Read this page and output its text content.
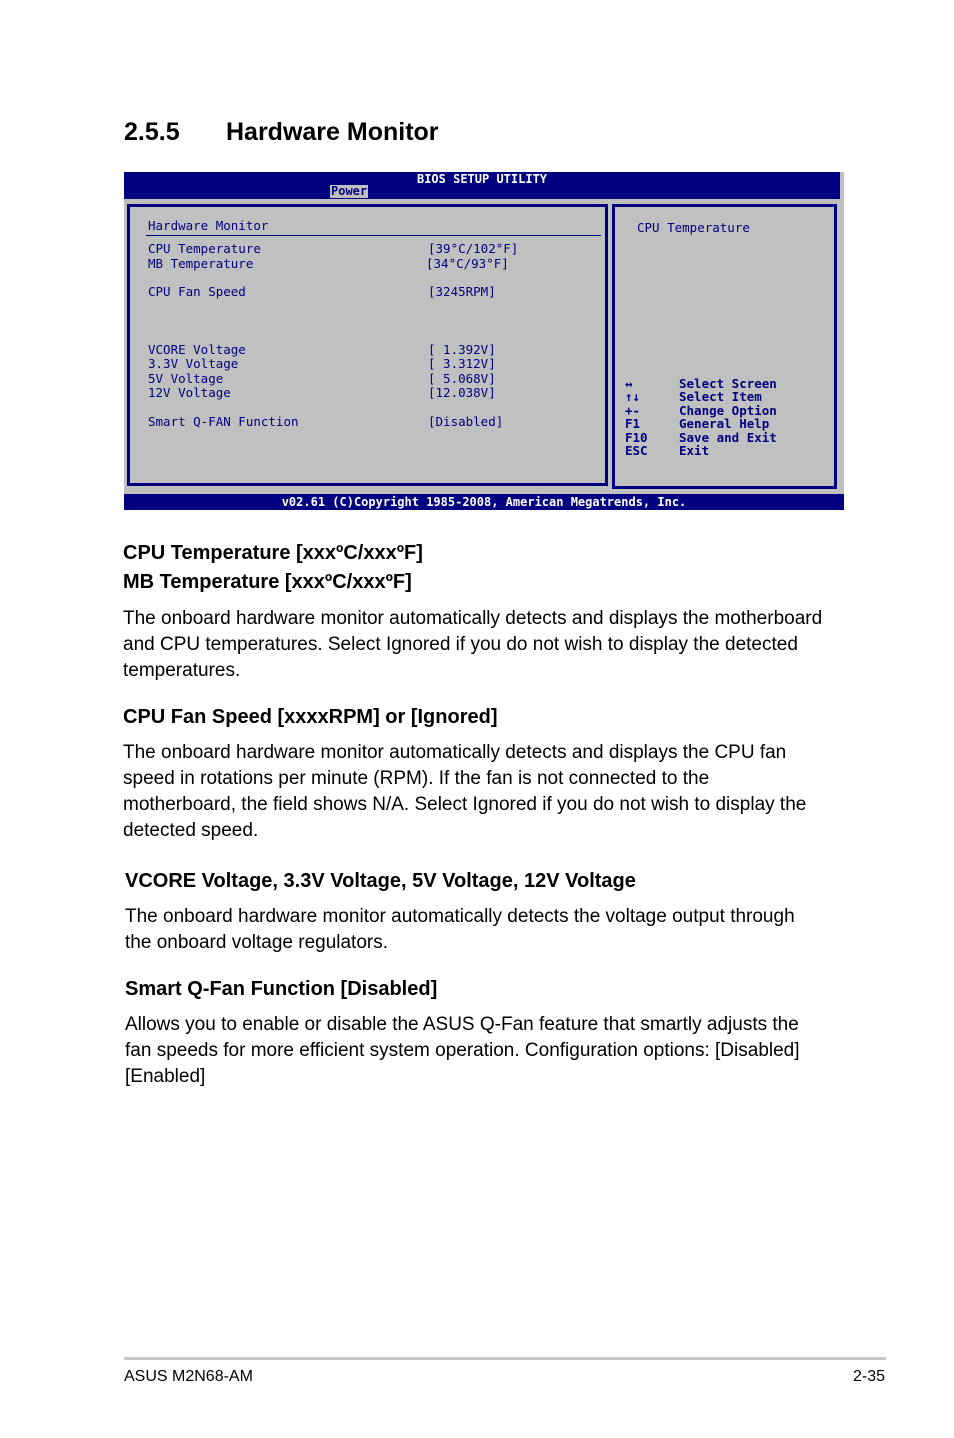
2.5.5 Hardware Monitor
BIOS SETUP UTILITY
Power
Hardware Monitor
CPU Temperature	[39°C/102°F]
MB Temperature	[34°C/93°F]
CPU Fan Speed	[3245RPM]
VCORE Voltage	[ 1.392V]
3.3V Voltage	[ 3.312V]
5V Voltage	[ 5.068V]
12V Voltage	[12.038V]
Smart Q-FAN Function	[Disabled]
CPU Temperature
↔	Select Screen
↑↓	Select Item
+-	Change Option
F1	General Help
F10	Save and Exit
ESC	Exit
v02.61 (C)Copyright 1985-2008, American Megatrends, Inc.
CPU Temperature [xxxºC/xxxºF]
MB Temperature [xxxºC/xxxºF]
The onboard hardware monitor automatically detects and displays the motherboard and CPU temperatures. Select Ignored if you do not wish to display the detected temperatures.
CPU Fan Speed [xxxxRPM] or [Ignored]
The onboard hardware monitor automatically detects and displays the CPU fan speed in rotations per minute (RPM). If the fan is not connected to the motherboard, the field shows N/A. Select Ignored if you do not wish to display the detected speed.
VCORE Voltage, 3.3V Voltage, 5V Voltage, 12V Voltage
The onboard hardware monitor automatically detects the voltage output through the onboard voltage regulators.
Smart Q-Fan Function [Disabled]
Allows you to enable or disable the ASUS Q-Fan feature that smartly adjusts the fan speeds for more efficient system operation. Configuration options: [Disabled] [Enabled]
ASUS M2N68-AM	2-35
